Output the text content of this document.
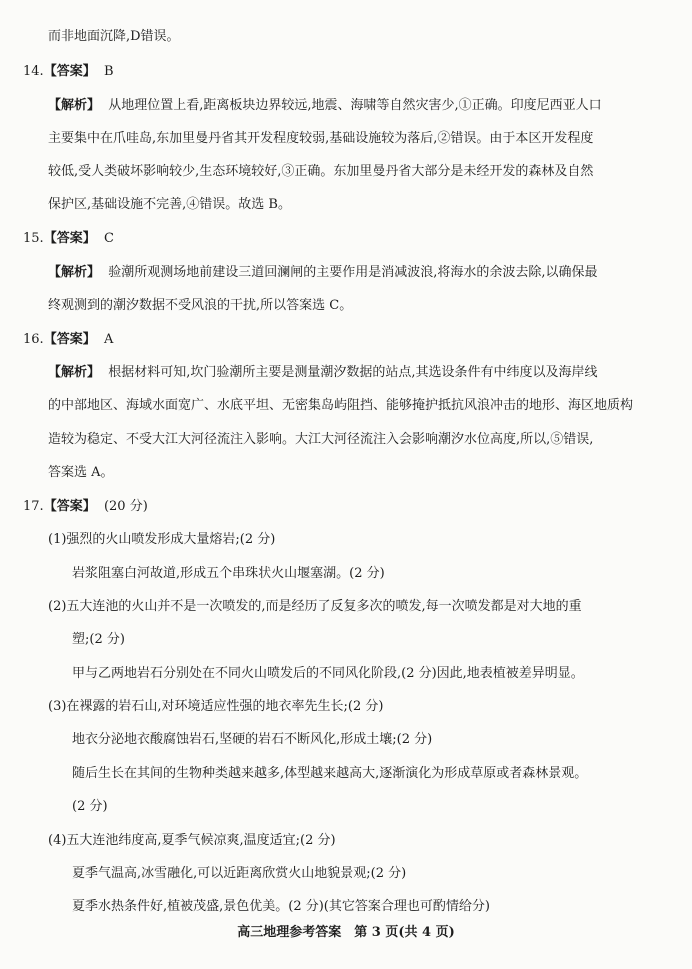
而非地面沉降,D错误。
14.【答案】 B
【解析】 从地理位置上看,距离板块边界较远,地震、海啸等自然灾害少,①正确。印度尼西亚人口
主要集中在爪哇岛,东加里曼丹省其开发程度较弱,基础设施较为落后,②错误。由于本区开发程度
较低,受人类破坏影响较少,生态环境较好,③正确。东加里曼丹省大部分是未经开发的森林及自然
保护区,基础设施不完善,④错误。故选 B。
15.【答案】 C
【解析】 验潮所观测场地前建设三道回澜闸的主要作用是消减波浪,将海水的余波去除,以确保最
终观测到的潮汐数据不受风浪的干扰,所以答案选 C。
16.【答案】 A
【解析】 根据材料可知,坎门验潮所主要是测量潮汐数据的站点,其选设条件有中纬度以及海岸线
的中部地区、海域水面宽广、水底平坦、无密集岛屿阻挡、能够掩护抵抗风浪冲击的地形、海区地质构
造较为稳定、不受大江大河径流注入影响。大江大河径流注入会影响潮汐水位高度,所以,⑤错误,
答案选 A。
17.【答案】 (20 分)
(1)强烈的火山喷发形成大量熔岩;(2 分)
岩浆阻塞白河故道,形成五个串珠状火山堰塞湖。(2 分)
(2)五大连池的火山并不是一次喷发的,而是经历了反复多次的喷发,每一次喷发都是对大地的重
塑;(2 分)
甲与乙两地岩石分别处在不同火山喷发后的不同风化阶段,(2 分)因此,地表植被差异明显。
(3)在裸露的岩石山,对环境适应性强的地衣率先生长;(2 分)
地衣分泌地衣酸腐蚀岩石,坚硬的岩石不断风化,形成土壤;(2 分)
随后生长在其间的生物种类越来越多,体型越来越高大,逐渐演化为形成草原或者森林景观。
(2 分)
(4)五大连池纬度高,夏季气候凉爽,温度适宜;(2 分)
夏季气温高,冰雪融化,可以近距离欣赏火山地貌景观;(2 分)
夏季水热条件好,植被茂盛,景色优美。(2 分)(其它答案合理也可酌情给分)
高三地理参考答案　第 3 页(共 4 页)
